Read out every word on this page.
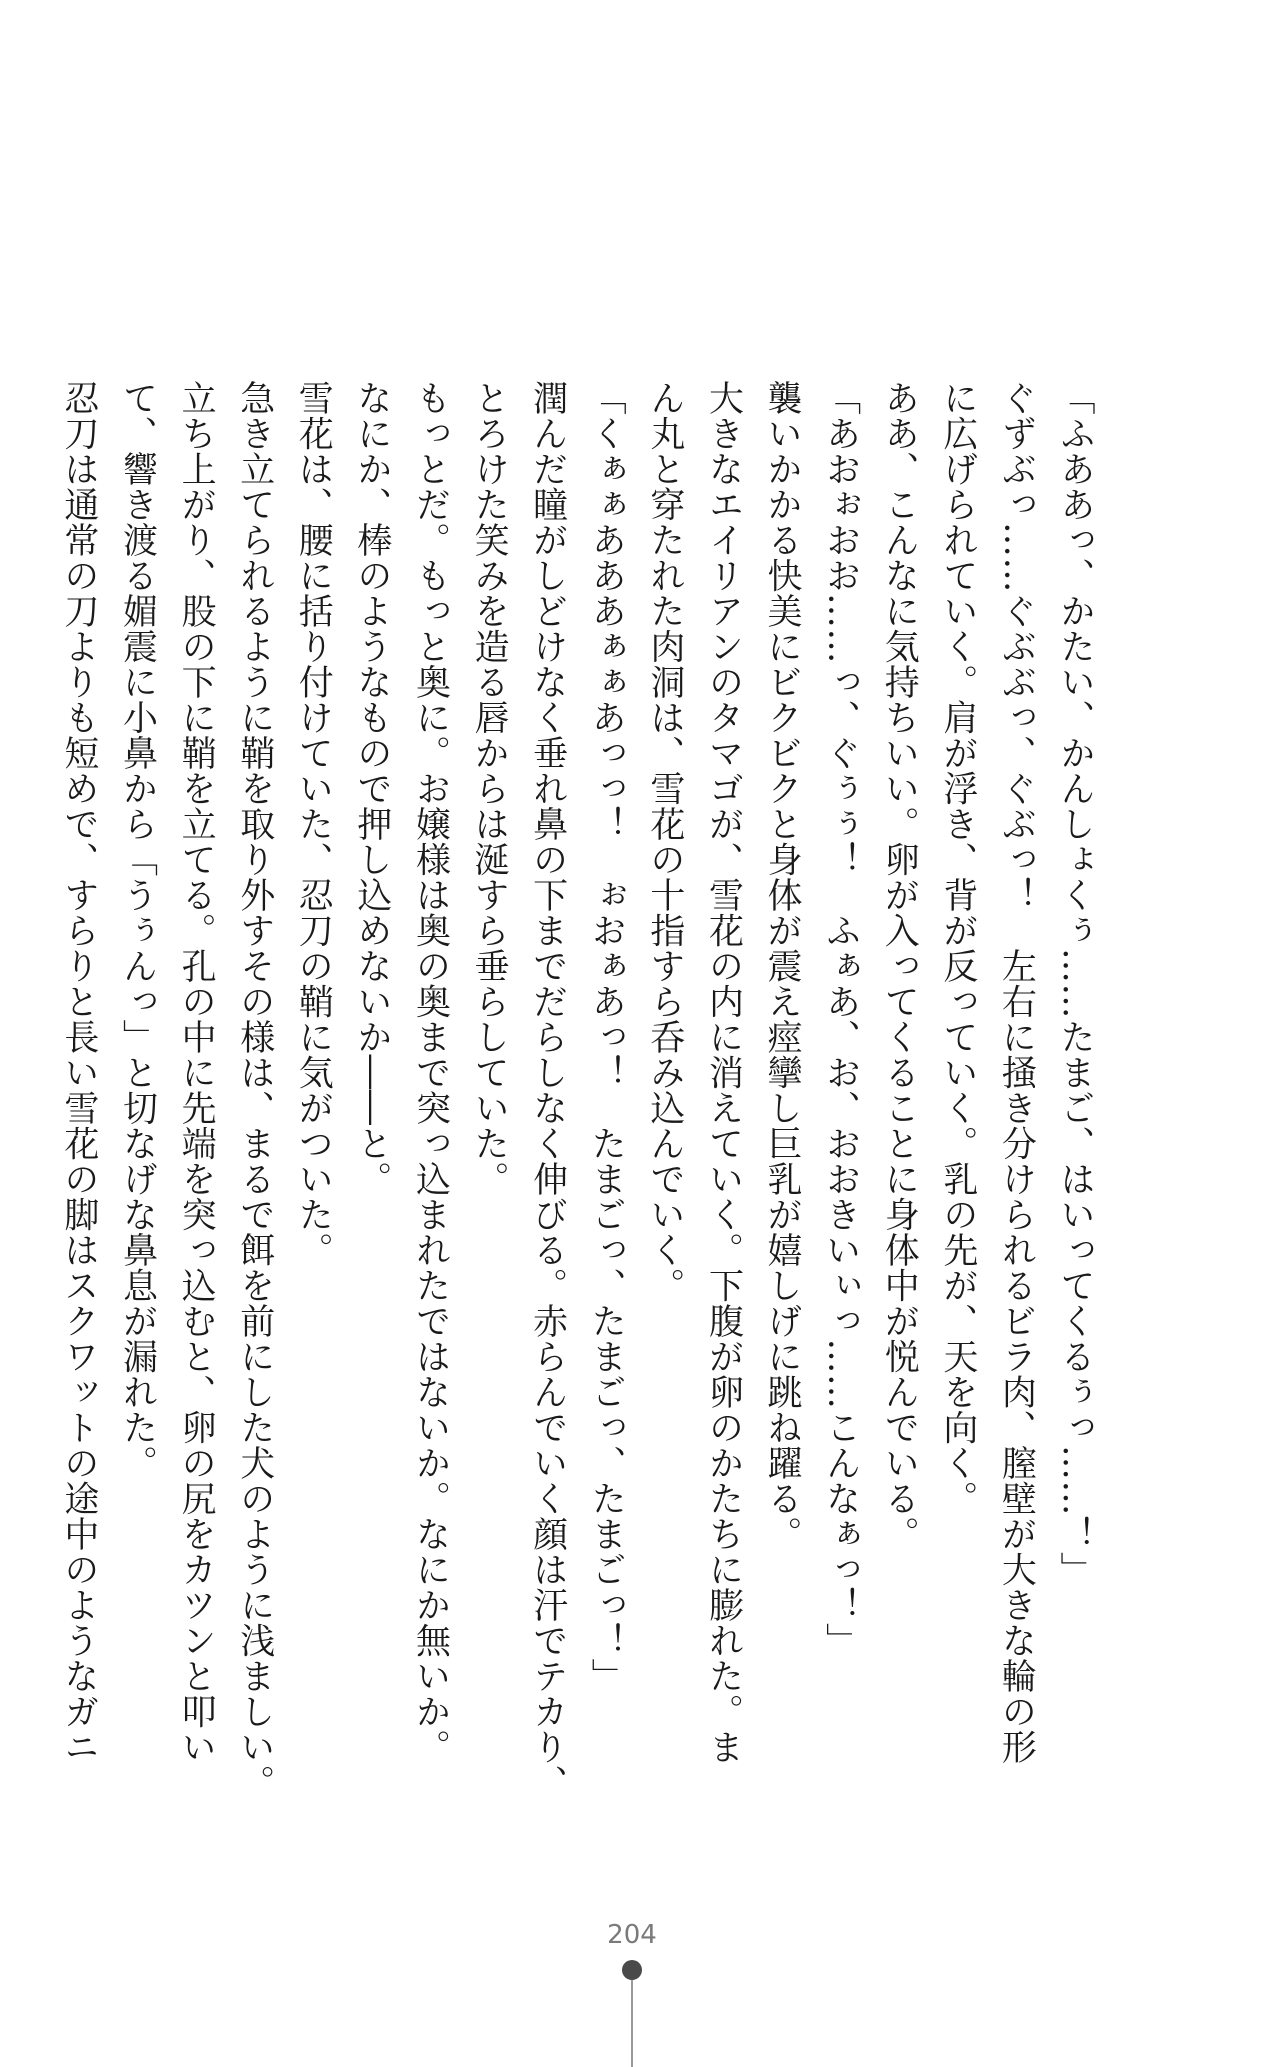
「ふああっ、かたい、かんしょくぅ……たまご、はいってくるぅっ……！」

ぐずぶっ……ぐぶぶっ、ぐぶっ！　左右に掻き分けられるビラ肉、膣壁が大きな輪の形

に広げられていく。肩が浮き、背が反っていく。乳の先が、天を向く。

ああ、こんなに気持ちいい。卵が入ってくることに身体中が悦んでいる。

「あおぉおお……っ、ぐぅぅ！　ふぁあ、お、おおきいぃっ……こんなぁっ！」

襲いかかる快美にビクビクと身体が震え痙攣し巨乳が嬉しげに跳ね躍る。

大きなエイリアンのタマゴが、雪花の内に消えていく。下腹が卵のかたちに膨れた。ま

ん丸と穿たれた肉洞は、雪花の十指すら呑み込んでいく。

「くぁぁあああぁぁあっっ！　ぉおぁあっ！　たまごっ、たまごっ、たまごっ！」

潤んだ瞳がしどけなく垂れ鼻の下までだらしなく伸びる。赤らんでいく顔は汗でテカり、

とろけた笑みを造る唇からは涎すら垂らしていた。

もっとだ。もっと奥に。お嬢様は奥の奥まで突っ込まれたではないか。なにか無いか。

なにか、棒のようなもので押し込めないか――と。

雪花は、腰に括り付けていた、忍刀の鞘に気がついた。

急き立てられるように鞘を取り外すその様は、まるで餌を前にした犬のように浅ましい。

立ち上がり、股の下に鞘を立てる。孔の中に先端を突っ込むと、卵の尻をカツンと叩い

て、響き渡る媚震に小鼻から「うぅんっ」と切なげな鼻息が漏れた。

忍刀は通常の刀よりも短めで、すらりと長い雪花の脚はスクワットの途中のようなガニ

204
